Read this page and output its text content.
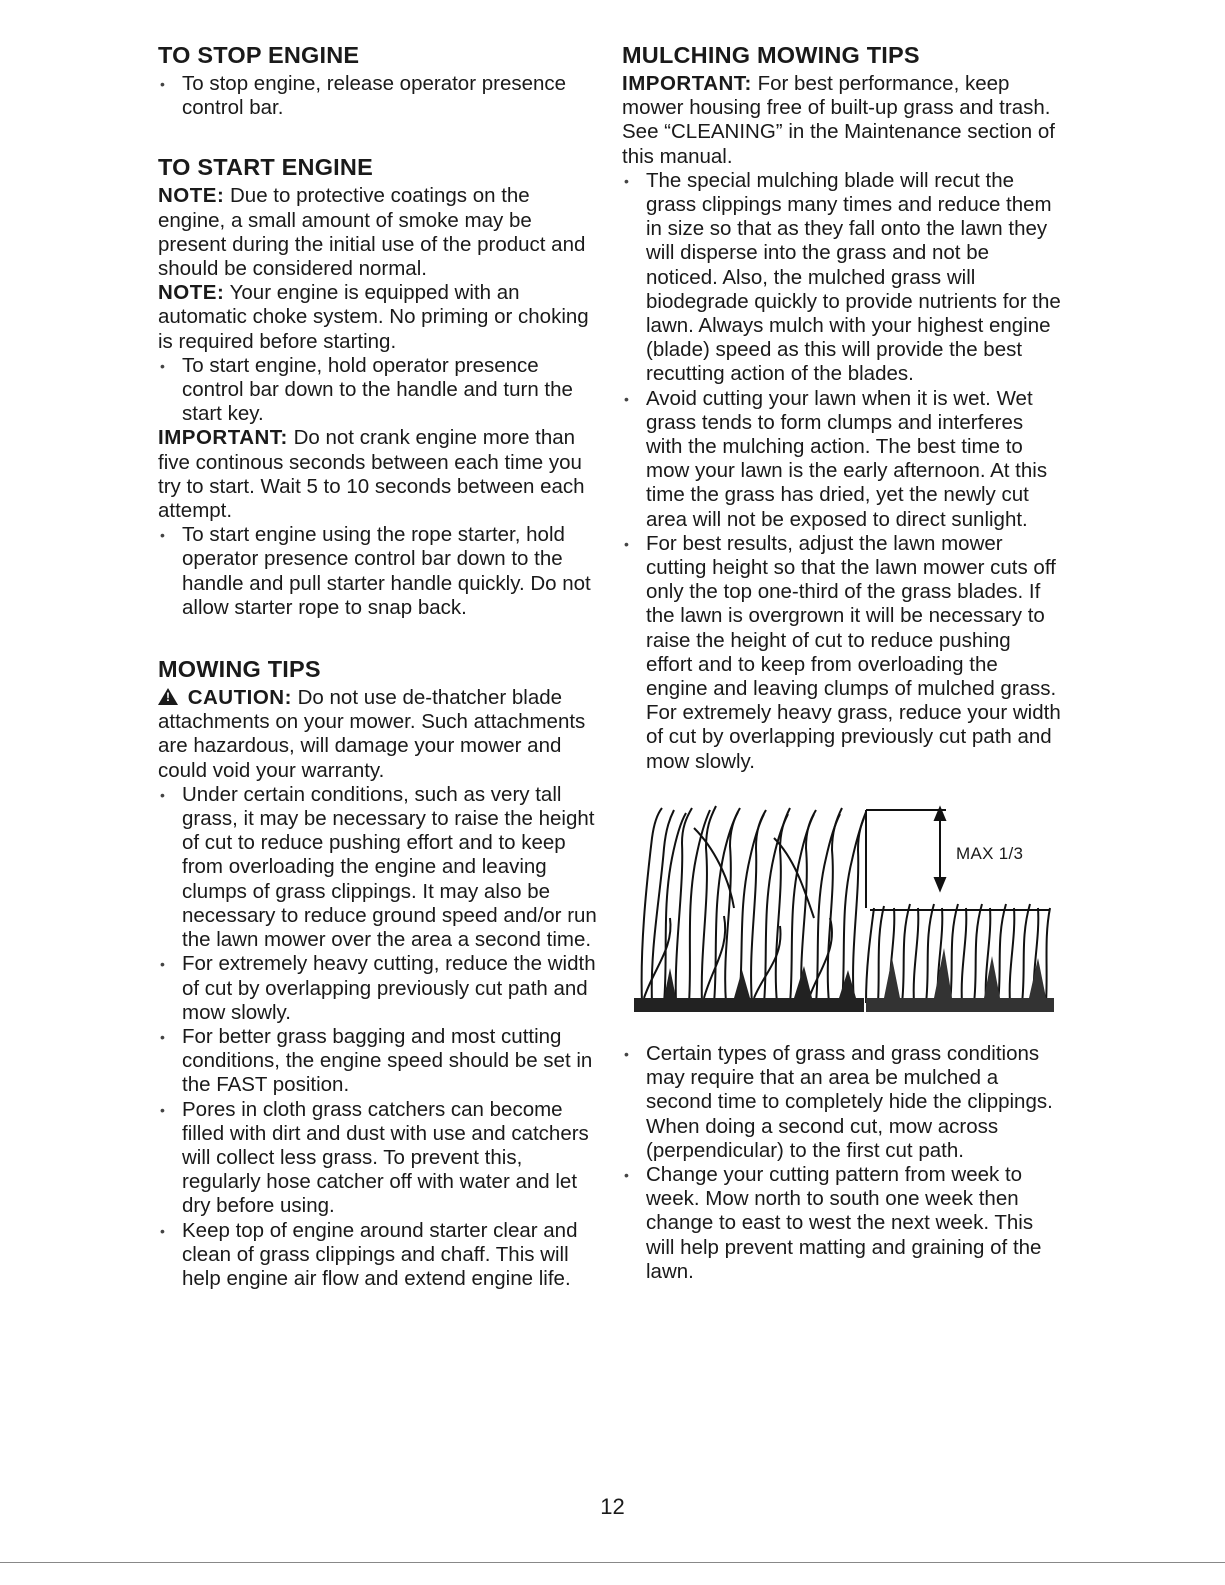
TO STOP ENGINE
• To stop engine, release operator presence control bar.
TO START ENGINE

NOTE: Due to protective coatings on the engine, a small amount of smoke may be present during the initial use of the product and should be considered normal.

NOTE: Your engine is equipped with an automatic choke system. No priming or choking is required before starting.

• To start engine, hold operator presence control bar down to the handle and turn the start key.

IMPORTANT: Do not crank engine more than five continous seconds between each time you try to start. Wait 5 to 10 seconds between each attempt.

• To start engine using the rope starter, hold operator presence control bar down to the handle and pull starter handle quickly. Do not allow starter rope to snap back.
MOWING TIPS

! CAUTION: Do not use de-thatcher blade attachments on your mower. Such attachments are hazardous, will damage your mower and could void your warranty.

• Under certain conditions, such as very tall grass, it may be necessary to raise the height of cut to reduce pushing effort and to keep from overloading the engine and leaving clumps of grass clippings. It may also be necessary to reduce ground speed and/or run the lawn mower over the area a second time.
• For extremely heavy cutting, reduce the width of cut by overlapping previously cut path and mow slowly.
• For better grass bagging and most cutting conditions, the engine speed should be set in the FAST position.
• Pores in cloth grass catchers can become filled with dirt and dust with use and catchers will collect less grass. To prevent this, regularly hose catcher off with water and let dry before using.
• Keep top of engine around starter clear and clean of grass clippings and chaff. This will help engine air flow and extend engine life.
MULCHING MOWING TIPS

IMPORTANT: For best performance, keep mower housing free of built-up grass and trash. See “CLEANING” in the Maintenance section of this manual.

• The special mulching blade will recut the grass clippings many times and reduce them in size so that as they fall onto the lawn they will disperse into the grass and not be noticed. Also, the mulched grass will biodegrade quickly to provide nutrients for the lawn. Always mulch with your highest engine (blade) speed as this will provide the best recutting action of the blades.
• Avoid cutting your lawn when it is wet. Wet grass tends to form clumps and interferes with the mulching action. The best time to mow your lawn is the early afternoon. At this time the grass has dried, yet the newly cut area will not be exposed to direct sunlight.
• For best results, adjust the lawn mower cutting height so that the lawn mower cuts off only the top one-third of the grass blades. If the lawn is overgrown it will be necessary to raise the height of cut to reduce pushing effort and to keep from overloading the engine and leaving clumps of mulched grass. For extremely heavy grass, reduce your width of cut by overlapping previously cut path and mow slowly.
MAX 1/3
• Certain types of grass and grass conditions may require that an area be mulched a second time to completely hide the clippings. When doing a second cut, mow across (perpendicular) to the first cut path.
• Change your cutting pattern from week to week. Mow north to south one week then change to east to west the next week. This will help prevent matting and graining of the lawn.
12
